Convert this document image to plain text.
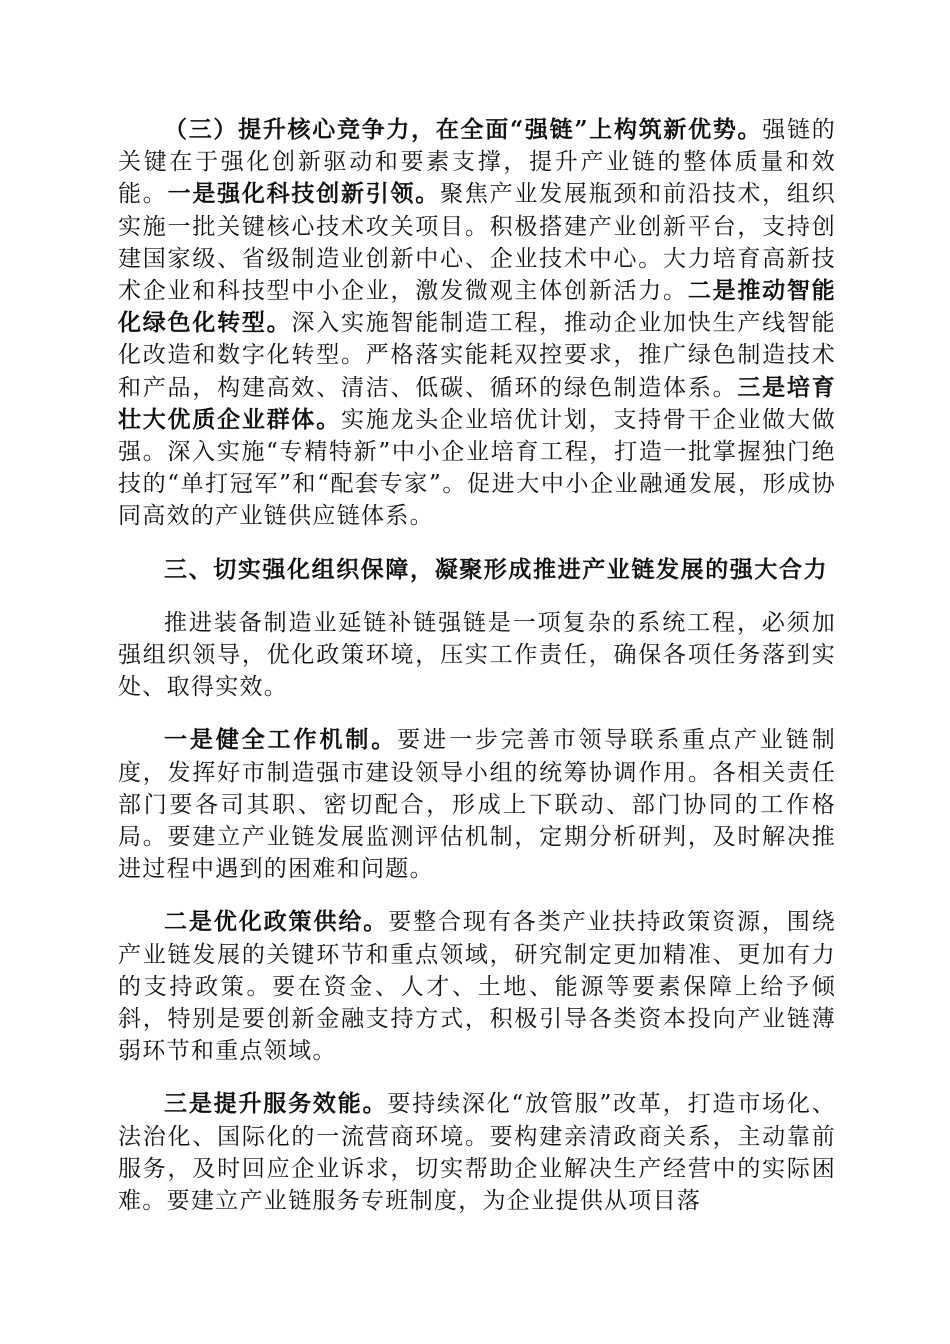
（三）提升核心竞争力，在全面“强链”上构筑新优势。强链的关键在于强化创新驱动和要素支撑，提升产业链的整体质量和效能。一是强化科技创新引领。聚焦产业发展瓶颈和前沿技术，组织实施一批关键核心技术攻关项目。积极搭建产业创新平台，支持创建国家级、省级制造业创新中心、企业技术中心。大力培育高新技术企业和科技型中小企业，激发微观主体创新活力。二是推动智能化绿色化转型。深入实施智能制造工程，推动企业加快生产线智能化改造和数字化转型。严格落实能耗双控要求，推广绿色制造技术和产品，构建高效、清洁、低碳、循环的绿色制造体系。三是培育壮大优质企业群体。实施龙头企业培优计划，支持骨干企业做大做强。深入实施“专精特新”中小企业培育工程，打造一批掌握独门绝技的“单打冠军”和“配套专家”。促进大中小企业融通发展，形成协同高效的产业链供应链体系。

三、切实强化组织保障，凝聚形成推进产业链发展的强大合力

推进装备制造业延链补链强链是一项复杂的系统工程，必须加强组织领导，优化政策环境，压实工作责任，确保各项任务落到实处、取得实效。

一是健全工作机制。要进一步完善市领导联系重点产业链制度，发挥好市制造强市建设领导小组的统筹协调作用。各相关责任部门要各司其职、密切配合，形成上下联动、部门协同的工作格局。要建立产业链发展监测评估机制，定期分析研判，及时解决推进过程中遇到的困难和问题。

二是优化政策供给。要整合现有各类产业扶持政策资源，围绕产业链发展的关键环节和重点领域，研究制定更加精准、更加有力的支持政策。要在资金、人才、土地、能源等要素保障上给予倾斜，特别是要创新金融支持方式，积极引导各类资本投向产业链薄弱环节和重点领域。

三是提升服务效能。要持续深化“放管服”改革，打造市场化、法治化、国际化的一流营商环境。要构建亲清政商关系，主动靠前服务，及时回应企业诉求，切实帮助企业解决生产经营中的实际困难。要建立产业链服务专班制度，为企业提供从项目落
